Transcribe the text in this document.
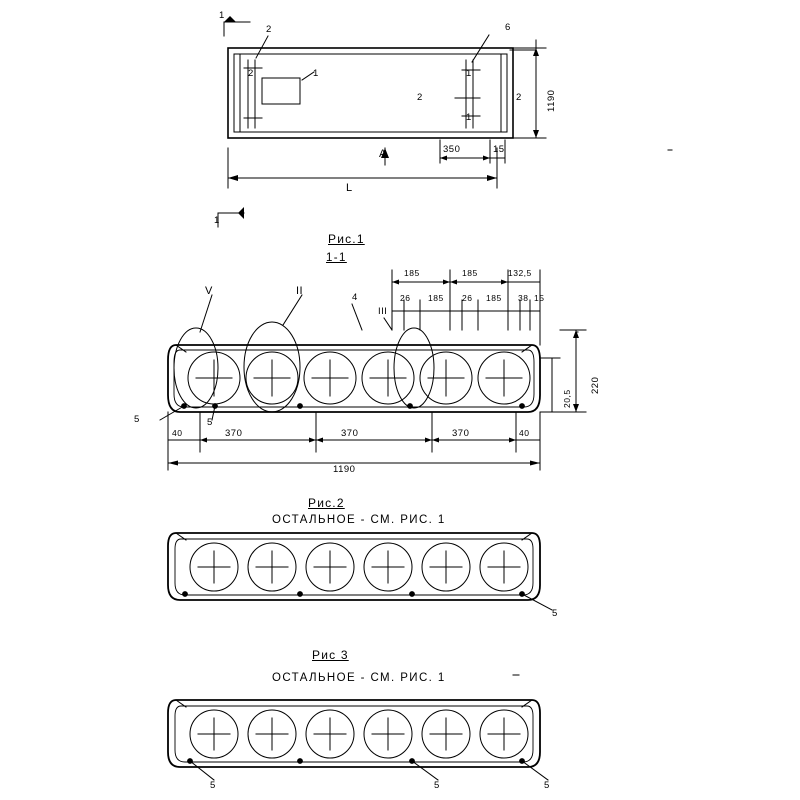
1
2
2	1
6
1
1
2	2	1190
L
А	350	15
1
Рис.1
1-1
V	II
III
4
5	5
185	185	132,5
26 185 26 185 38 15
20,5
220
40	370	370	370	40
1190
Рис.2
ОСТАЛЬНОЕ - СМ. РИС. 1
5
Рис 3
ОСТАЛЬНОЕ - СМ. РИС. 1
5	5	5
